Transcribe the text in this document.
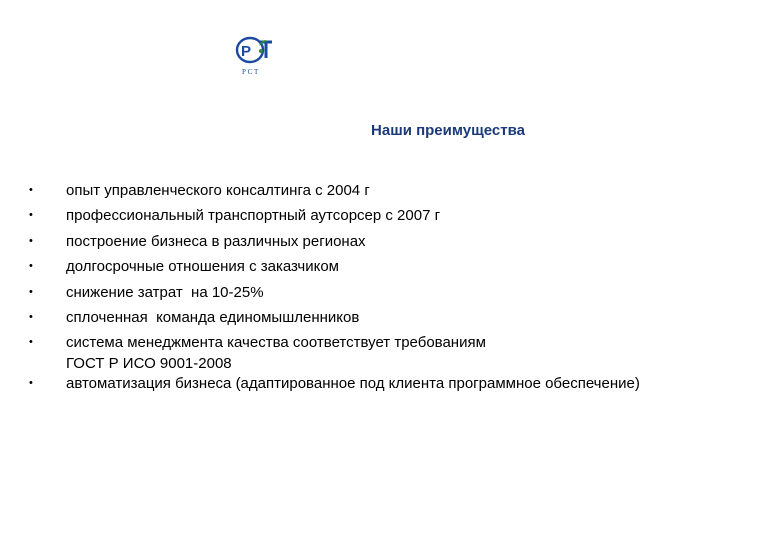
P
Р С Т
Наши преимущества
• опыт управленческого консалтинга с 2004 г
• профессиональный транспортный аутсорсер с 2007 г
• построение бизнеса в различных регионах
• долгосрочные отношения с заказчиком
• снижение затрат  на 10-25%
• сплоченная  команда единомышленников
• система менеджмента качества соответствует требованиям
ГОСТ Р ИСО 9001-2008
• автоматизация бизнеса (адаптированное под клиента программное обеспечение)
